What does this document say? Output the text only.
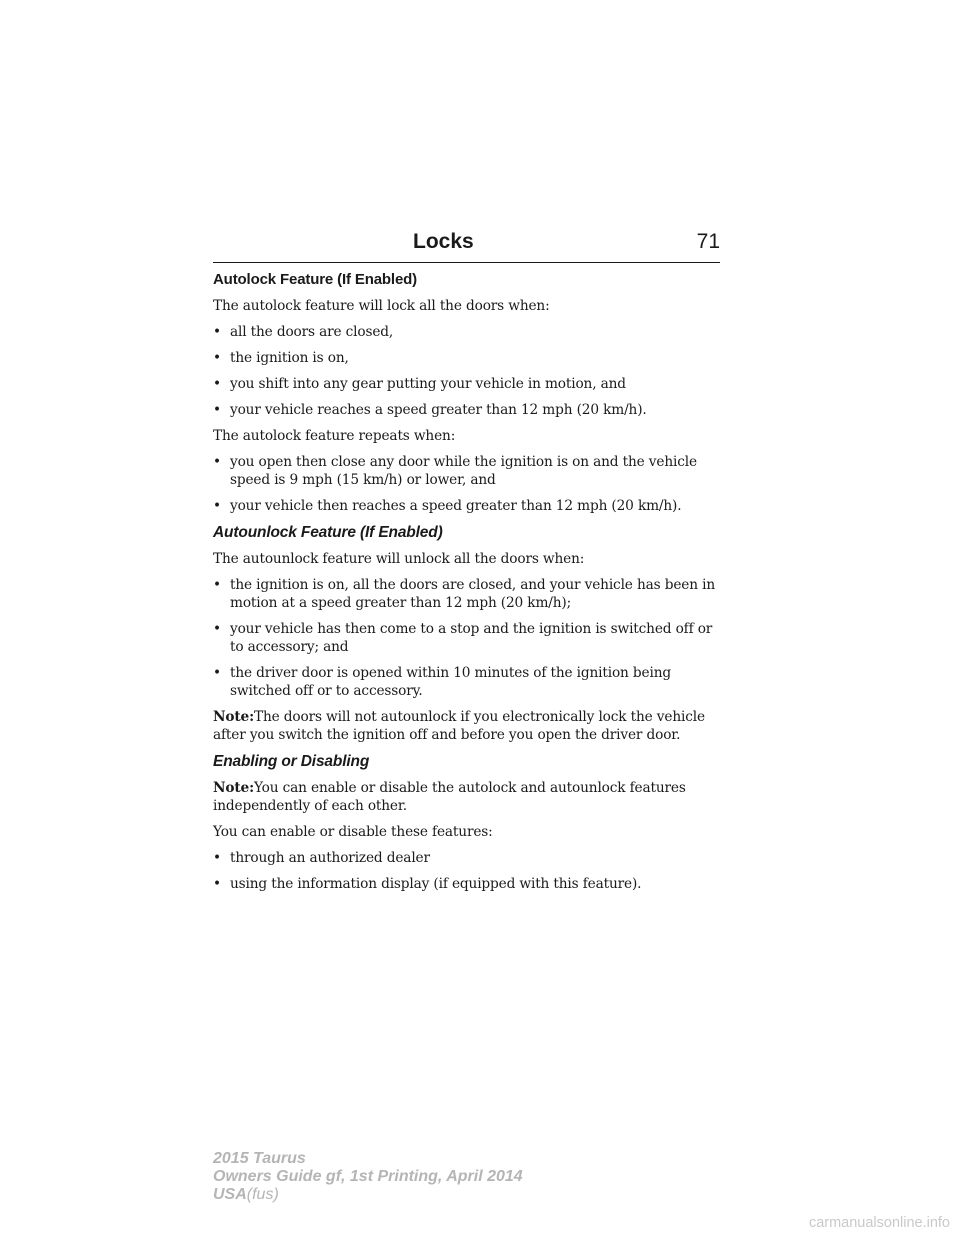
Locks	71
Autolock Feature (If Enabled)

The autolock feature will lock all the doors when:

• all the doors are closed,
• the ignition is on,
• you shift into any gear putting your vehicle in motion, and
• your vehicle reaches a speed greater than 12 mph (20 km/h).

The autolock feature repeats when:

• you open then close any door while the ignition is on and the vehicle speed is 9 mph (15 km/h) or lower, and
• your vehicle then reaches a speed greater than 12 mph (20 km/h).
Autounlock Feature (If Enabled)

The autounlock feature will unlock all the doors when:

• the ignition is on, all the doors are closed, and your vehicle has been in motion at a speed greater than 12 mph (20 km/h);
• your vehicle has then come to a stop and the ignition is switched off or to accessory; and
• the driver door is opened within 10 minutes of the ignition being switched off or to accessory.

Note:The doors will not autounlock if you electronically lock the vehicle after you switch the ignition off and before you open the driver door.

Enabling or Disabling

Note:You can enable or disable the autolock and autounlock features independently of each other.

You can enable or disable these features:

• through an authorized dealer
• using the information display (if equipped with this feature).
2015 Taurus
Owners Guide gf, 1st Printing, April 2014
USA(fus)
carmanualsonline.info
